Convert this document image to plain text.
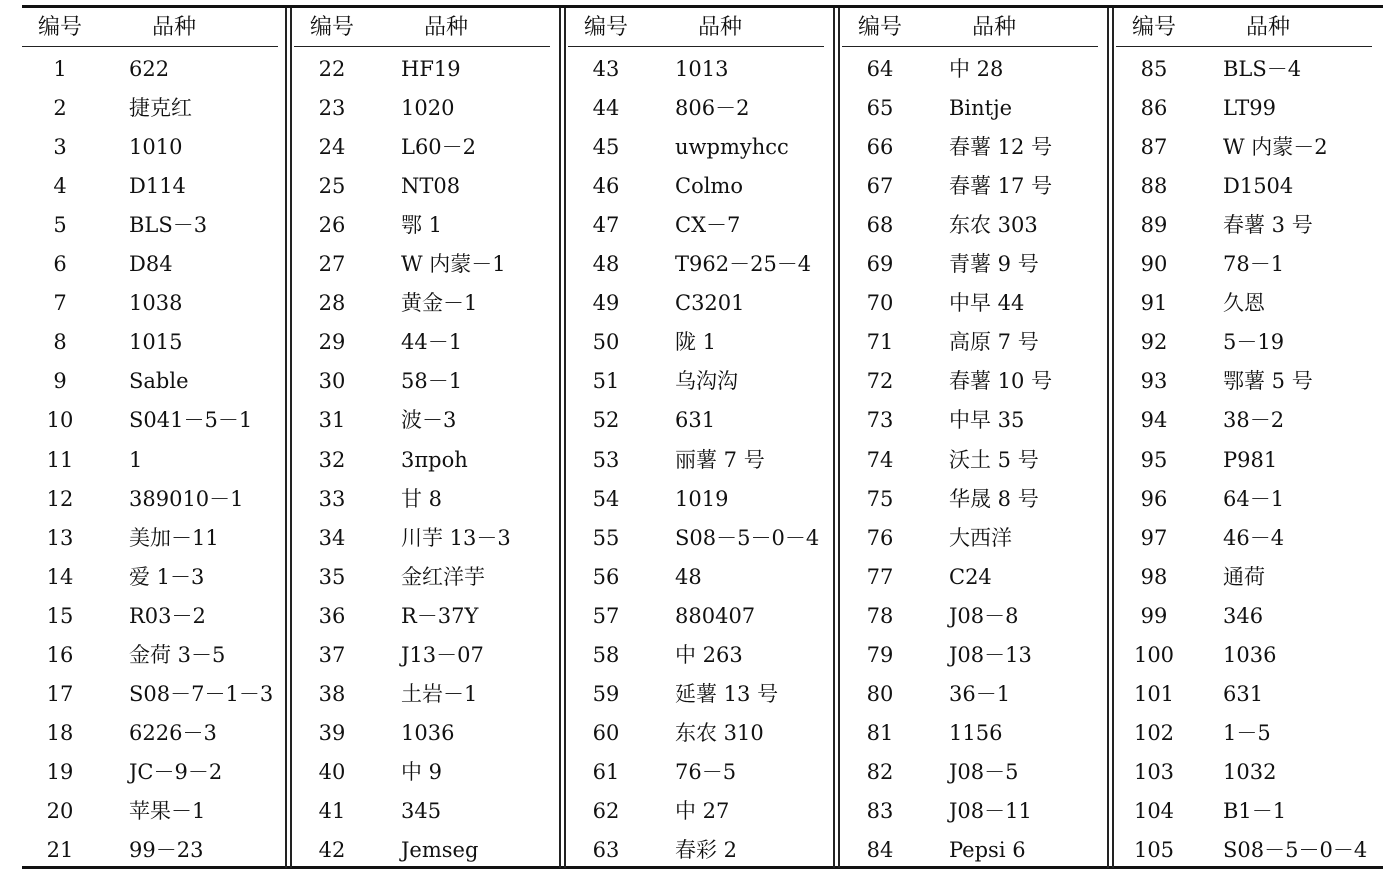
编号	品种
1	622
2	捷克红
3	1010
4	D114
5	BLS－3
6	D84
7	1038
8	1015
9	Sable
10	S041－5－1
11	1
12	389010－1
13	美加－11
14	爱 1－3
15	R03－2
16	金荷 3－5
17	S08－7－1－3
18	6226－3
19	JC－9－2
20	苹果－1
21	99－23
编号	品种
22	HF19
23	1020
24	L60－2
25	NT08
26	鄂 1
27	W 内蒙－1
28	黄金－1
29	44－1
30	58－1
31	波－3
32	3πpoh
33	甘 8
34	川芋 13－3
35	金红洋芋
36	R－37Y
37	J13－07
38	土岩－1
39	1036
40	中 9
41	345
42	Jemseg
编号	品种
43	1013
44	806－2
45	uwpmyhcc
46	Colmo
47	CX－7
48	T962－25－4
49	C3201
50	陇 1
51	乌沟沟
52	631
53	丽薯 7 号
54	1019
55	S08－5－0－4
56	48
57	880407
58	中 263
59	延薯 13 号
60	东农 310
61	76－5
62	中 27
63	春彩 2
编号	品种
64	中 28
65	Bintje
66	春薯 12 号
67	春薯 17 号
68	东农 303
69	青薯 9 号
70	中早 44
71	高原 7 号
72	春薯 10 号
73	中早 35
74	沃土 5 号
75	华晟 8 号
76	大西洋
77	C24
78	J08－8
79	J08－13
80	36－1
81	1156
82	J08－5
83	J08－11
84	Pepsi 6
编号	品种
85	BLS－4
86	LT99
87	W 内蒙－2
88	D1504
89	春薯 3 号
90	78－1
91	久恩
92	5－19
93	鄂薯 5 号
94	38－2
95	P981
96	64－1
97	46－4
98	通荷
99	346
100	1036
101	631
102	1－5
103	1032
104	B1－1
105	S08－5－0－4
